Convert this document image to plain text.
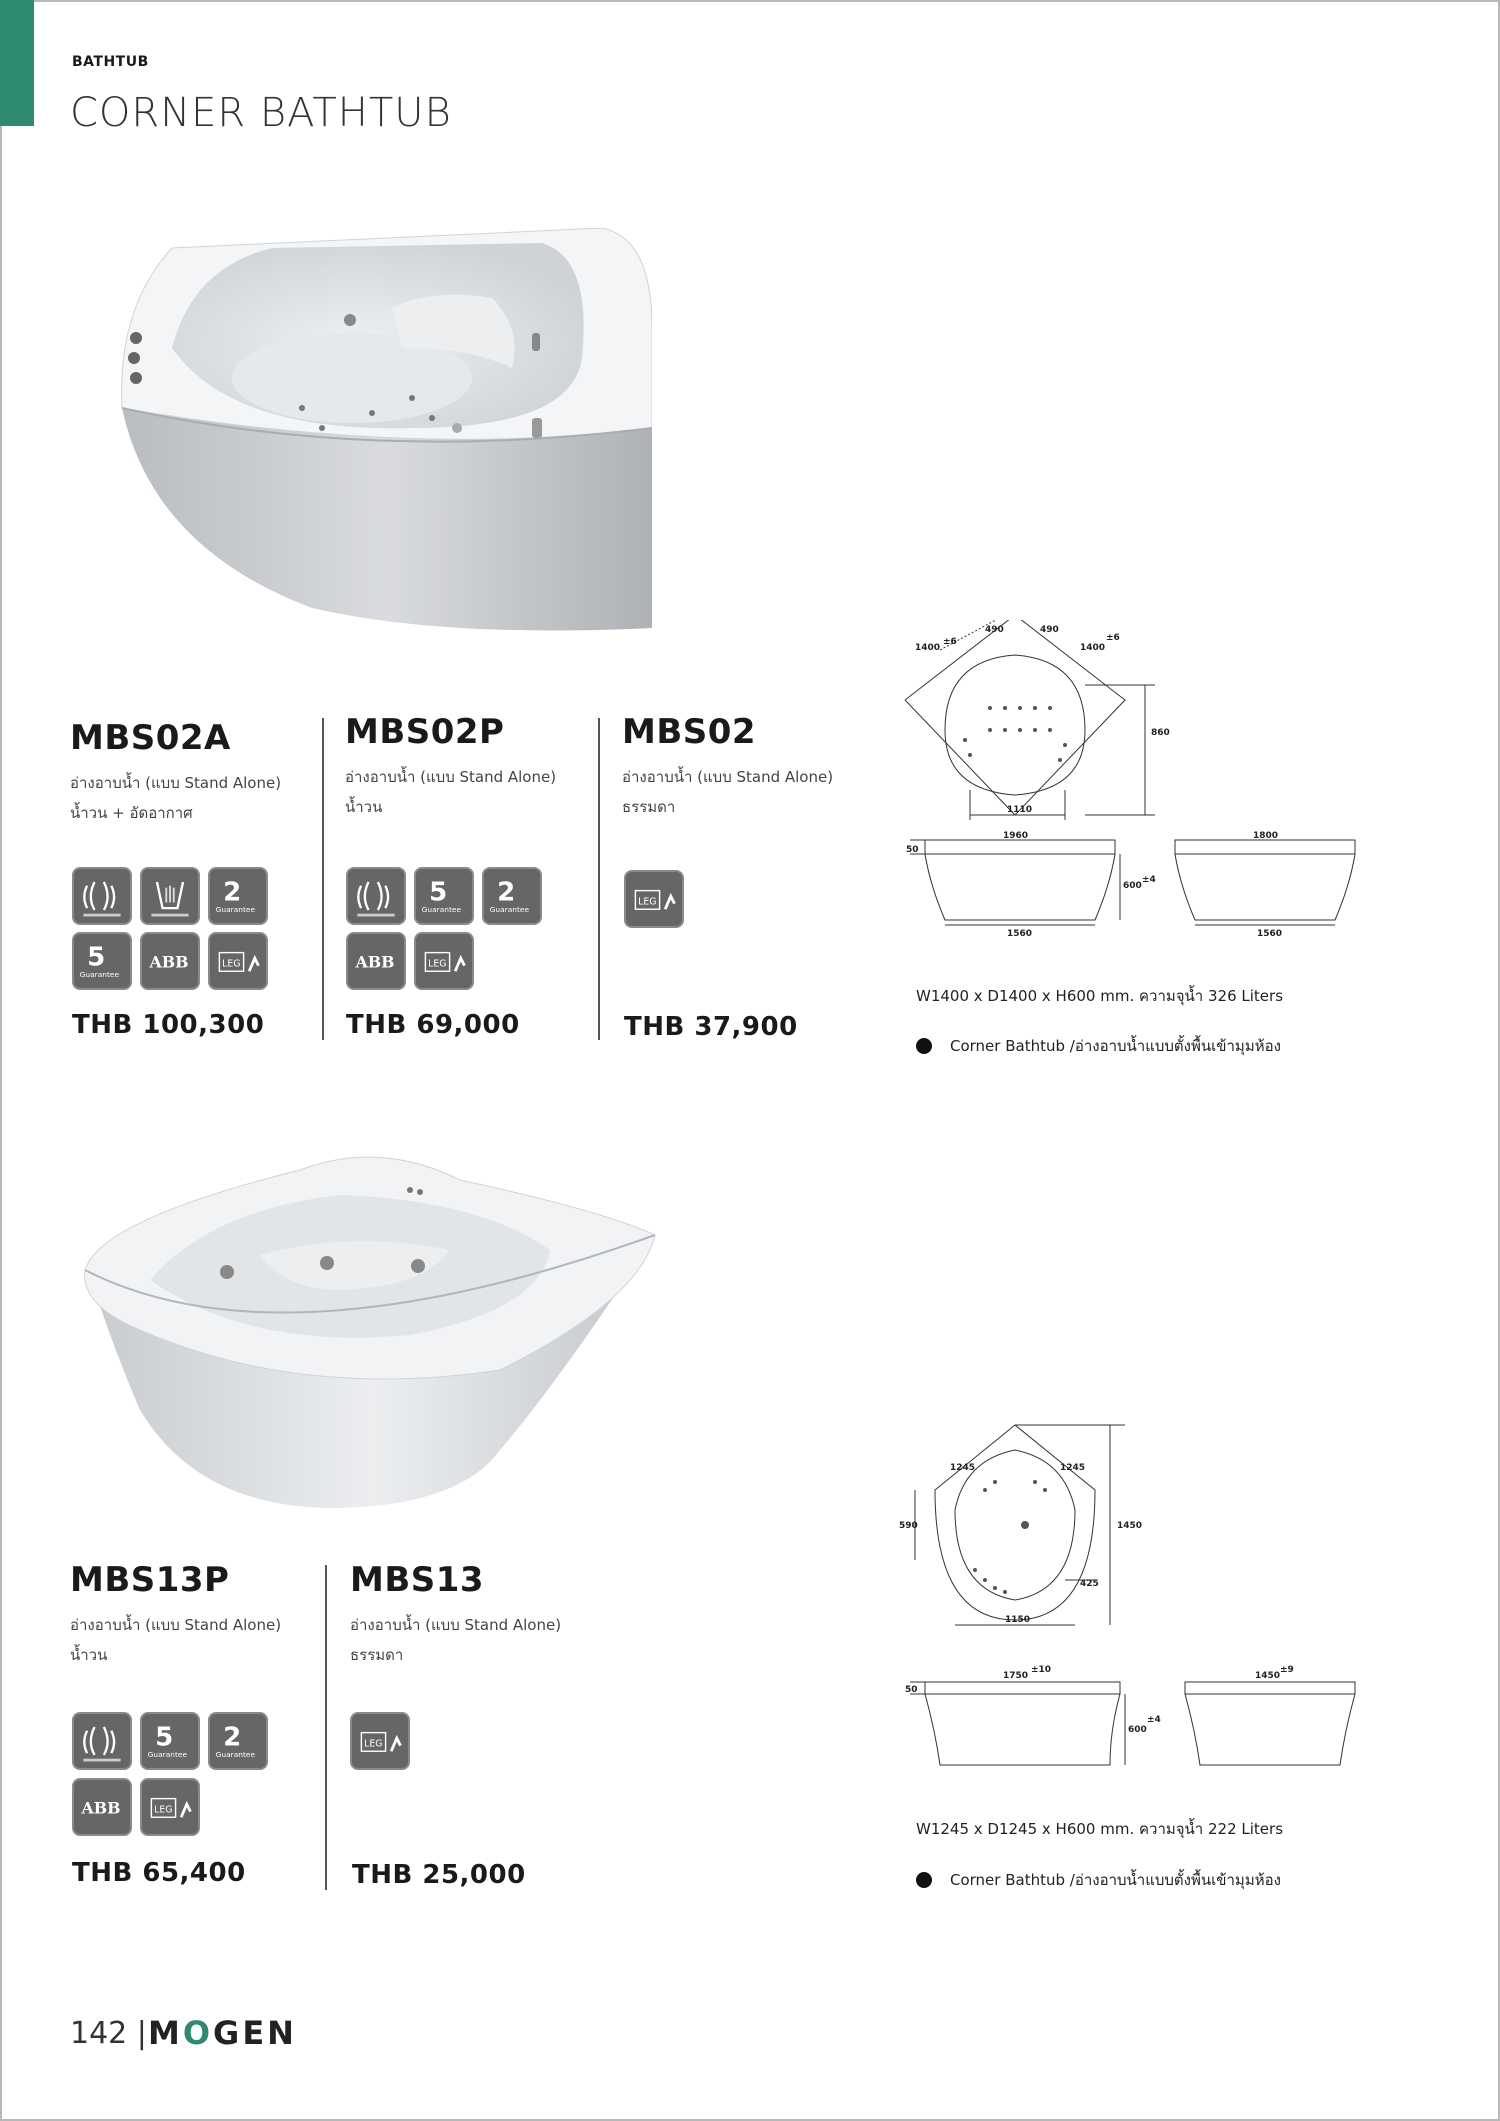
BATHTUB
CORNER BATHTUB
MBS02A
อ่างอาบน้ำ (แบบ Stand Alone)
น้ำวน + อัดอากาศ
MBS02P
อ่างอาบน้ำ (แบบ Stand Alone)
น้ำวน
MBS02
อ่างอาบน้ำ (แบบ Stand Alone)
ธรรมดา
2
Guarantee
5
Guarantee
ABB	LEG
5
Guarantee
2
Guarantee
ABB	LEG
LEG
THB 100,300	THB 69,000	THB 37,900
1400
±6
490	490
1400
±6
860
1110
1960
50
600
±4
1560
1800
1560
W1400 x D1400 x H600 mm. ความจุน้ำ 326 Liters
Corner Bathtub /อ่างอาบน้ำแบบตั้งพื้นเข้ามุมห้อง
MBS13P
อ่างอาบน้ำ (แบบ Stand Alone)
น้ำวน
MBS13
อ่างอาบน้ำ (แบบ Stand Alone)
ธรรมดา
5
Guarantee
2
Guarantee
ABB	LEG
LEG
THB 65,400	THB 25,000
1245	1245
590	1450
425
1150
1750
±10
50
600
±4
1450
±9
W1245 x D1245 x H600 mm. ความจุน้ำ 222 Liters
Corner Bathtub /อ่างอาบน้ำแบบตั้งพื้นเข้ามุมห้อง
142 | MOGEN
